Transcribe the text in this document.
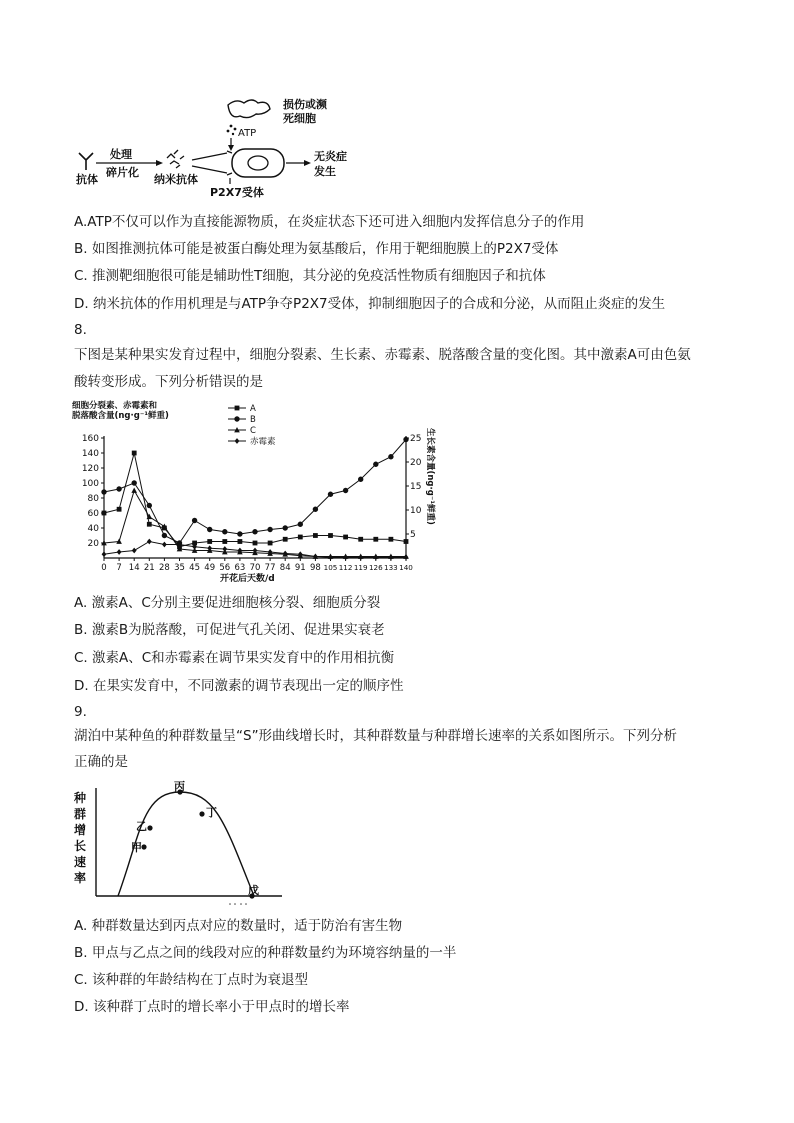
抗体
处理
碎片化
纳米抗体
损伤或濒
死细胞
ATP
P2X7受体
无炎症
发生
A.ATP不仅可以作为直接能源物质，在炎症状态下还可进入细胞内发挥信息分子的作用
B. 如图推测抗体可能是被蛋白酶处理为氨基酸后，作用于靶细胞膜上的P2X7受体
C. 推测靶细胞很可能是辅助性T细胞，其分泌的免疫活性物质有细胞因子和抗体
D. 纳米抗体的作用机理是与ATP争夺P2X7受体，抑制细胞因子的合成和分泌，从而阻止炎症的发生
8.
下图是某种果实发育过程中，细胞分裂素、生长素、赤霉素、脱落酸含量的变化图。其中激素A可由色氨
酸转变形成。下列分析错误的是
细胞分裂素、赤霉素和
脱落酸含量(ng·g⁻¹鲜重)
生长素含量(ng·g⁻¹鲜重)
开花后天数/d
20
40
60
80
100
120
140
160
5
10
15
20
25
0 7 14 21 28 35 45 49 56 63 70 77 84 91 98 105 112 119 126 133 140
A
B
C
赤霉素
A. 激素A、C分别主要促进细胞核分裂、细胞质分裂
B. 激素B为脱落酸，可促进气孔关闭、促进果实衰老
C. 激素A、C和赤霉素在调节果实发育中的作用相抗衡
D. 在果实发育中，不同激素的调节表现出一定的顺序性
9.
湖泊中某种鱼的种群数量呈“S”形曲线增长时，其种群数量与种群增长速率的关系如图所示。下列分析
正确的是
种
群
增
长
速
率
甲
乙
丙
丁
戊
A. 种群数量达到丙点对应的数量时，适于防治有害生物
B. 甲点与乙点之间的线段对应的种群数量约为环境容纳量的一半
C. 该种群的年龄结构在丁点时为衰退型
D. 该种群丁点时的增长率小于甲点时的增长率
